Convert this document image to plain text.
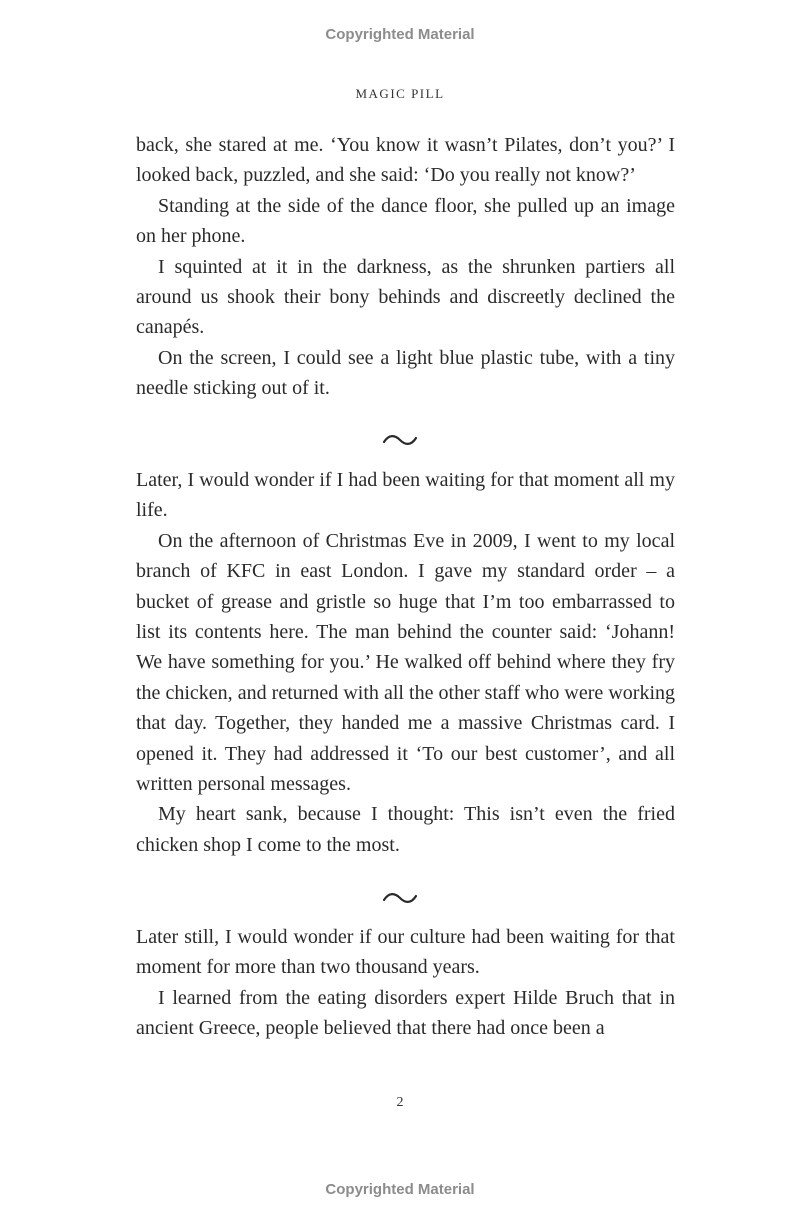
Copyrighted Material
MAGIC PILL

back, she stared at me. ‘You know it wasn’t Pilates, don’t you?’ I looked back, puzzled, and she said: ‘Do you really not know?’

Standing at the side of the dance floor, she pulled up an image on her phone.

I squinted at it in the darkness, as the shrunken partiers all around us shook their bony behinds and discreetly declined the canapés.

On the screen, I could see a light blue plastic tube, with a tiny needle sticking out of it.

Later, I would wonder if I had been waiting for that moment all my life.

On the afternoon of Christmas Eve in 2009, I went to my local branch of KFC in east London. I gave my standard order – a bucket of grease and gristle so huge that I’m too embarrassed to list its contents here. The man behind the counter said: ‘Johann! We have something for you.’ He walked off behind where they fry the chicken, and returned with all the other staff who were working that day. Together, they handed me a massive Christmas card. I opened it. They had addressed it ‘To our best customer’, and all written personal messages.

My heart sank, because I thought: This isn’t even the fried chicken shop I come to the most.

Later still, I would wonder if our culture had been waiting for that moment for more than two thousand years.

I learned from the eating disorders expert Hilde Bruch that in ancient Greece, people believed that there had once been a

2
Copyrighted Material
